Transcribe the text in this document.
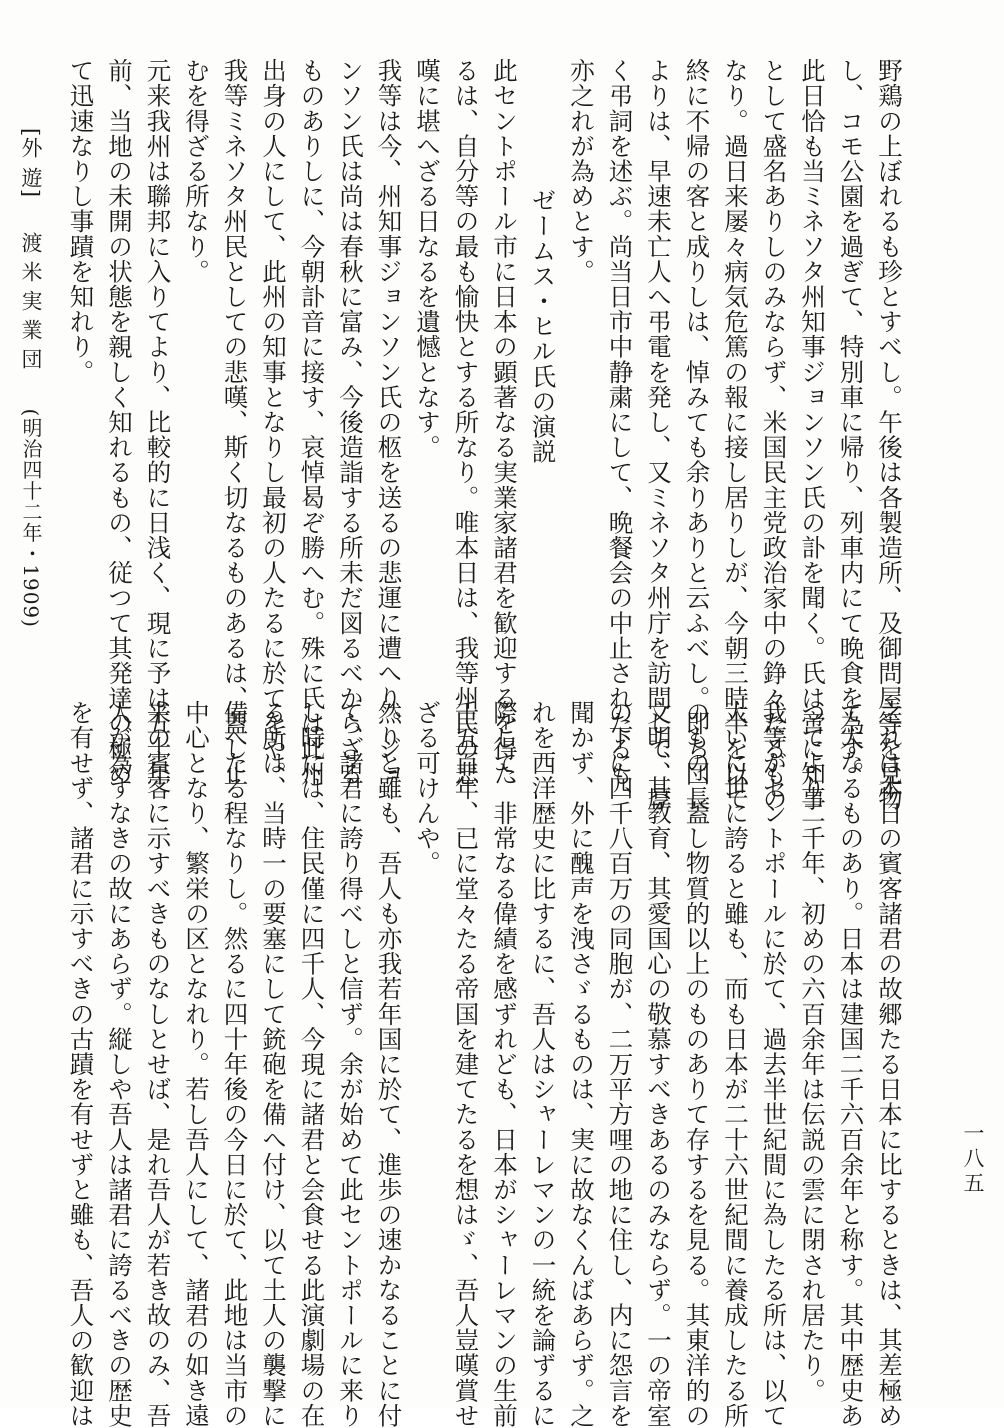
野鶏の上ぼれるも珍とすべし。午後は各製造所、及御問屋等を見物
し、コモ公園を過ぎて、特別車に帰り、列車内にて晩食を為す。
此日恰も当ミネソタ州知事ジョンソン氏の訃を聞く。氏は啻に知事
として盛名ありしのみならず、米国民主党政治家中の錚々たるもの
なり。過日来屡々病気危篤の報に接し居りしが、今朝三時半を以て
終に不帰の客と成りしは、悼みても余りありと云ふべし。即ち団長
よりは、早速未亡人へ弔電を発し、又ミネソタ州庁を訪問して、厚
く弔詞を述ぶ。尚当日市中静粛にして、晩餐会の中止されたるも、
亦之れが為めとす。
ゼームス・ヒル氏の演説
此セントポール市に日本の顕著なる実業家諸君を歓迎するを得た
るは、自分等の最も愉快とする所なり。唯本日は、我等州民の悲
嘆に堪へざる日なるを遺憾となす。
我等は今、州知事ジョンソン氏の柩を送るの悲運に遭へり。ジョ
ンソン氏は尚は春秋に富み、今後造詣する所未だ図るべからざる
ものありしに、今朝訃音に接す、哀悼曷ぞ勝へむ。殊に氏は此州
出身の人にして、此州の知事となりし最初の人たるに於てをや。
我等ミネソタ州民としての悲嘆、斯く切なるものあるは、蓋し止
むを得ざる所なり。
元来我州は聯邦に入りてより、比較的に日浅く、現に予は五十年
前、当地の未開の状態を親しく知れるもの、従つて其発達の極め
て迅速なりし事蹟を知れり。
之れは本日の賓客諸君の故郷たる日本に比するときは、其差極め
て大なるものあり。日本は建国二千六百余年と称す。其中歴史あ
つてより二千年、初めの六百余年は伝説の雲に閉され居たり。
我等がセントポールに於て、過去半世紀間に為したる所は、以て
大いに世に誇ると雖も、而も日本が二十六世紀間に養成したる所
のもの、蓋し物質的以上のものありて存するを見る。其東洋的の
文明、其教育、其愛国心の敬慕すべきあるのみならず。一の帝室
の下に四千八百万の同胞が、二万平方哩の地に住し、内に怨言を
聞かず、外に醜声を洩さゞるものは、実に故なくんばあらず。之
れを西洋歴史に比するに、吾人はシャーレマンの一統を論ずるに
際して、非常なる偉績を感ずれども、日本がシャーレマンの生前
千五百年、已に堂々たる帝国を建てたるを想はゞ、吾人豈嘆賞せ
ざる可けんや。
然りと雖も、吾人も亦我若年国に於て、進歩の速かなることに付
て、諸君に誇り得べしと信ず。余が始めて此セントポールに来り
し時には、住民僅に四千人、今現に諸君と会食せる此演劇場の在
る所は、当時一の要塞にして銃砲を備へ付け、以て土人の襲撃に
備へたる程なりし。然るに四十年後の今日に於て、此地は当市の
中心となり、繁栄の区となれり。若し吾人にして、諸君の如き遠
来の賓客に示すべきものなしとせば、是れ吾人が若き故のみ、吾
人が為すなきの故にあらず。縦しや吾人は諸君に誇るべきの歴史
を有せず、諸君に示すべきの古蹟を有せずと雖も、吾人の歓迎は
[外 遊] 渡米実業団 (明治四十二年・1909)
一八五
